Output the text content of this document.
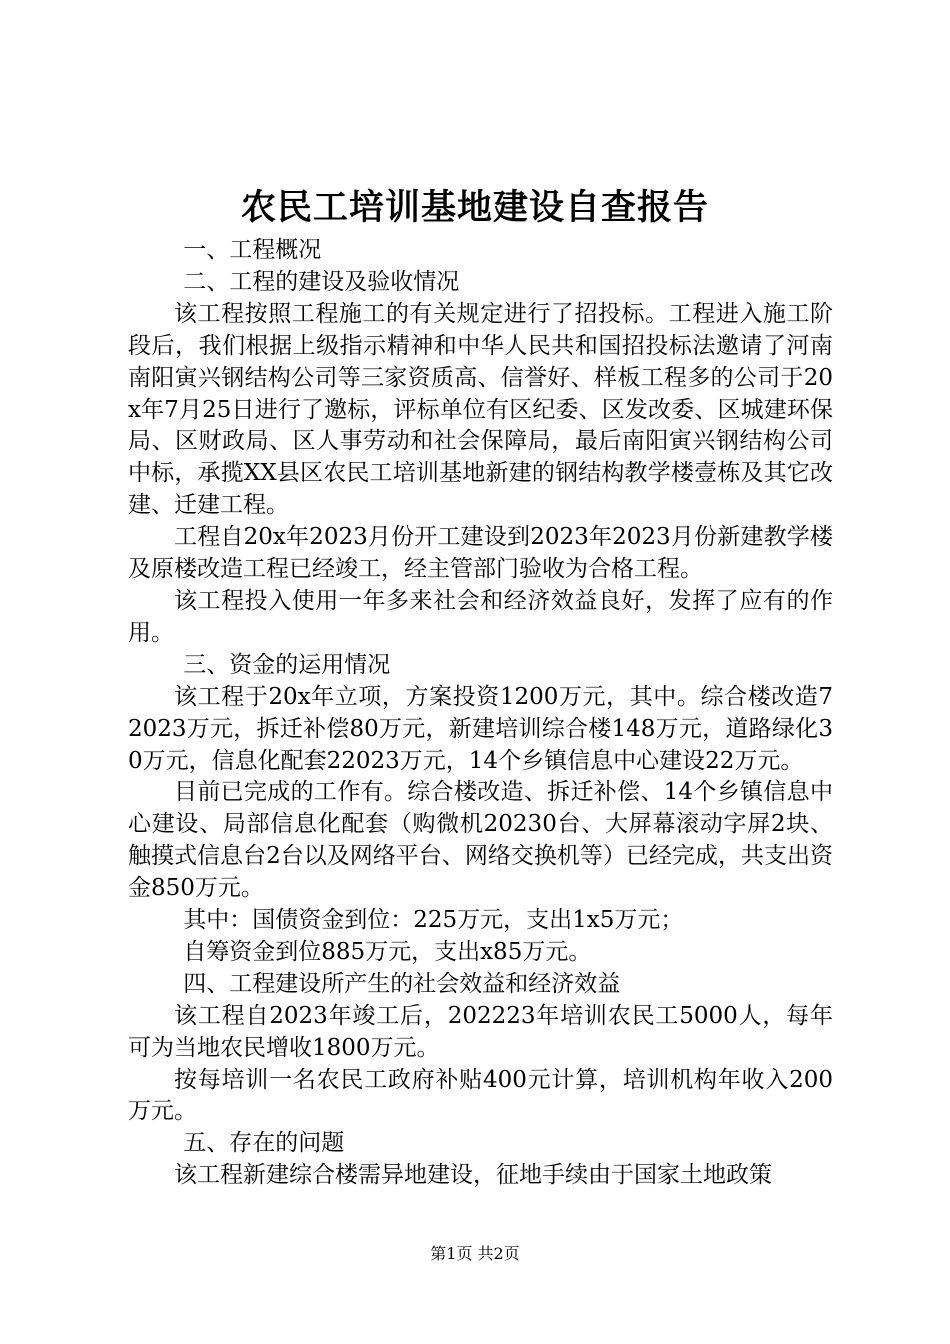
农民工培训基地建设自查报告

一、工程概况

二、工程的建设及验收情况

该工程按照工程施工的有关规定进行了招投标。工程进入施工阶段后，我们根据上级指示精神和中华人民共和国招投标法邀请了河南南阳寅兴钢结构公司等三家资质高、信誉好、样板工程多的公司于20x年7月25日进行了邀标，评标单位有区纪委、区发改委、区城建环保局、区财政局、区人事劳动和社会保障局，最后南阳寅兴钢结构公司中标，承揽XX县区农民工培训基地新建的钢结构教学楼壹栋及其它改建、迁建工程。

工程自20x年2023月份开工建设到2023年2023月份新建教学楼及原楼改造工程已经竣工，经主管部门验收为合格工程。

该工程投入使用一年多来社会和经济效益良好，发挥了应有的作用。

三、资金的运用情况

该工程于20x年立项，方案投资1200万元，其中。综合楼改造72023万元，拆迁补偿80万元，新建培训综合楼148万元，道路绿化30万元，信息化配套22023万元，14个乡镇信息中心建设22万元。

目前已完成的工作有。综合楼改造、拆迁补偿、14个乡镇信息中心建设、局部信息化配套（购微机20230台、大屏幕滚动字屏2块、触摸式信息台2台以及网络平台、网络交换机等）已经完成，共支出资金850万元。

其中：国债资金到位：225万元，支出1x5万元；

自筹资金到位885万元，支出x85万元。

四、工程建设所产生的社会效益和经济效益

该工程自2023年竣工后，202223年培训农民工5000人，每年可为当地农民增收1800万元。

按每培训一名农民工政府补贴400元计算，培训机构年收入200万元。

五、存在的问题

该工程新建综合楼需异地建设，征地手续由于国家土地政策

第1页 共2页
